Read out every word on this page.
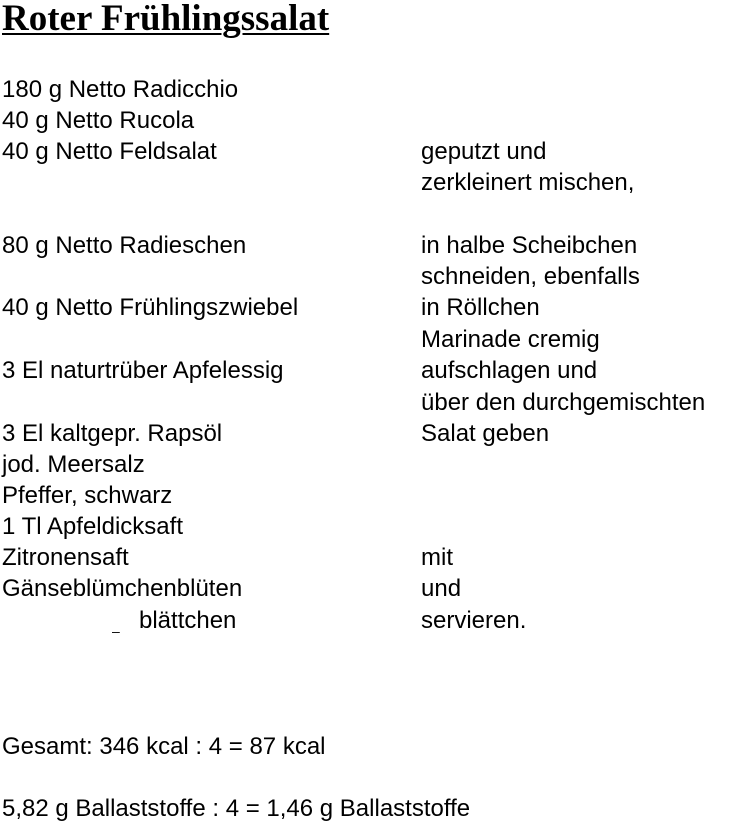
Roter Frühlingssalat

180 g Netto Radicchio

40 g Netto Rucola

40 g Netto Feldsalat

80 g Netto Radieschen

40 g Netto Frühlingszwiebel

3 El naturtrüber Apfelessig

3 El kaltgepr. Rapsöl

jod. Meersalz

Pfeffer, schwarz

1 Tl Apfeldicksaft

Zitronensaft

Gänseblümchenblüten

– blättchen

geputzt und

zerkleinert mischen,

in halbe Scheibchen

schneiden, ebenfalls

in Röllchen

Marinade cremig

aufschlagen und

über den durchgemischten

Salat geben

mit

und

servieren.

Gesamt: 346 kcal : 4 = 87 kcal

5,82 g Ballaststoffe : 4 = 1,46 g Ballaststoffe
